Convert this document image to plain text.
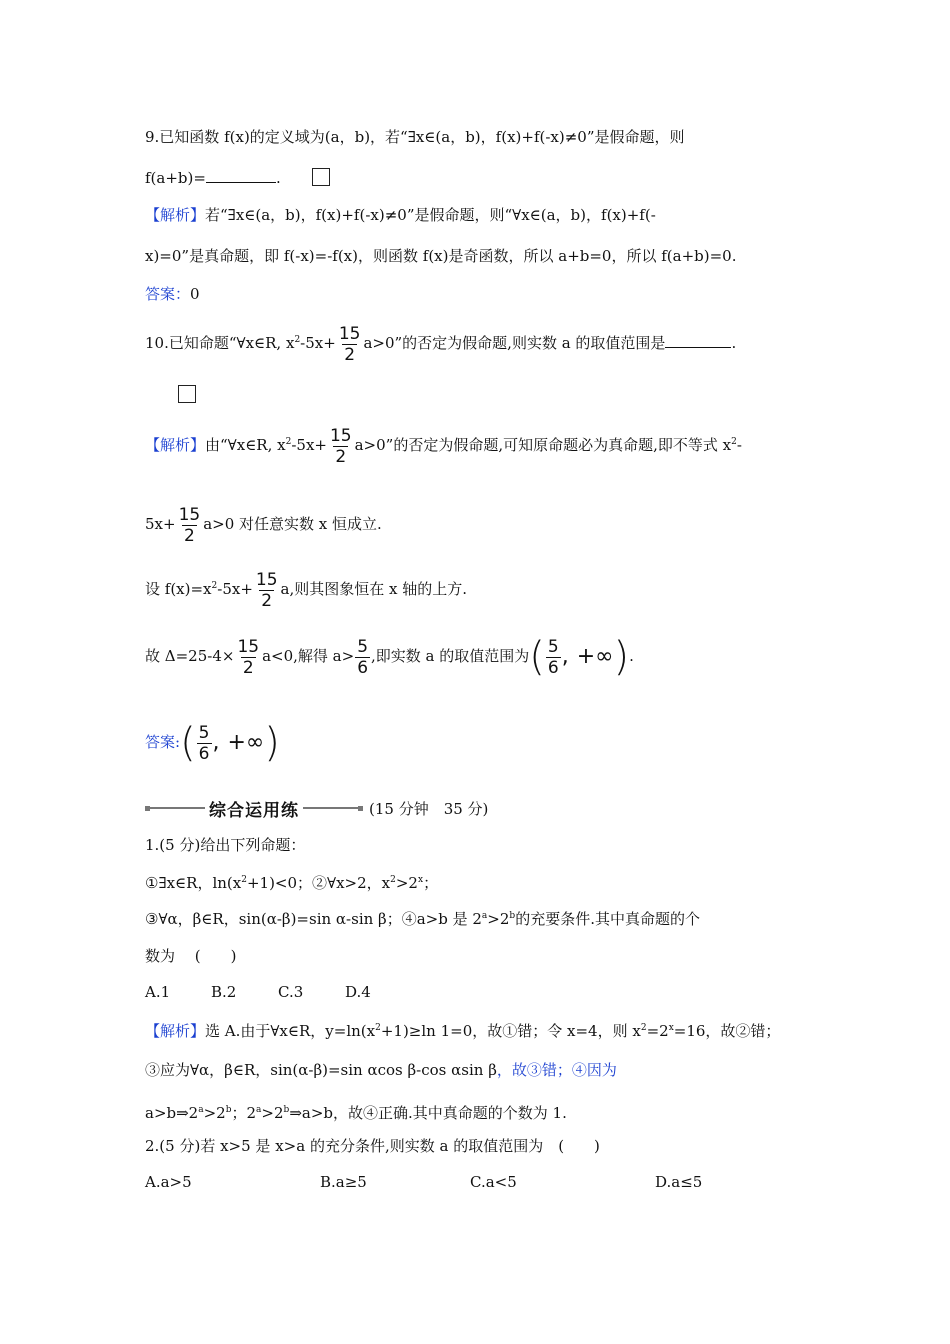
9.已知函数 f(x)的定义域为(a，b)，若“∃x∈(a，b)，f(x)+f(-x)≠0”是假命题，则
f(a+b)=	.
【解析】若“∃x∈(a，b)，f(x)+f(-x)≠0”是假命题，则“∀x∈(a，b)，f(x)+f(-
x)=0”是真命题，即 f(-x)=-f(x)，则函数 f(x)是奇函数，所以 a+b=0，所以 f(a+b)=0.
答案：0
10.已知命题“∀x∈R, $x^2-5x+ \frac{15}{2} a>0$”的否定为假命题,则实数 a 的取值范围是	.
【解析】由“∀x∈R, $x^2-5x+ \frac{15}{2} a>0$”的否定为假命题,可知原命题必为真命题,即不等式 $x^2-$
$5x+ \frac{15}{2} a>0$ 对任意实数 x 恒成立.
设 $f(x)=x^2-5x+ \frac{15}{2} a$,则其图象恒在 x 轴的上方.
故 $\Delta=25-4\times \frac{15}{2} a<0$,解得 $a> \frac{5}{6}$ ,即实数 a 的取值范围为( $\frac{5}{6}$ , +∞).
答案:( $\frac{5}{6}$ , +∞)
综合运用练	(15 分钟　35 分)
1.(5 分)给出下列命题：
①∃x∈R，$\ln(x^2+1)<0$；②∀x>2，$x^2>2^x$；
③∀α，β∈R，sin(α-β)=sin α-sin β；④a>b 是 $2^a>2^b$的充要条件.其中真命题的个
数为　 (　　)
A.1	B.2	C.3	D.4
【解析】选 A.由于∀x∈R，$y=\ln(x^2+1)\ge\ln$ 1=0，故①错；令 x=4，则 $x^2=2^x=16$，故②错；
③应为∀α，β∈R，sin(α-β)=sin αcos β-cos αsin β，故③错；④因为
$a>b\Rightarrow 2^a>2^b$；$2^a>2^b\Rightarrow a>b$，故④正确.其中真命题的个数为 1.
2.(5 分)若 x>5 是 x>a 的充分条件,则实数 a 的取值范围为　(　　)
A.a>5	B.a≥5	C.a<5	D.a≤5
